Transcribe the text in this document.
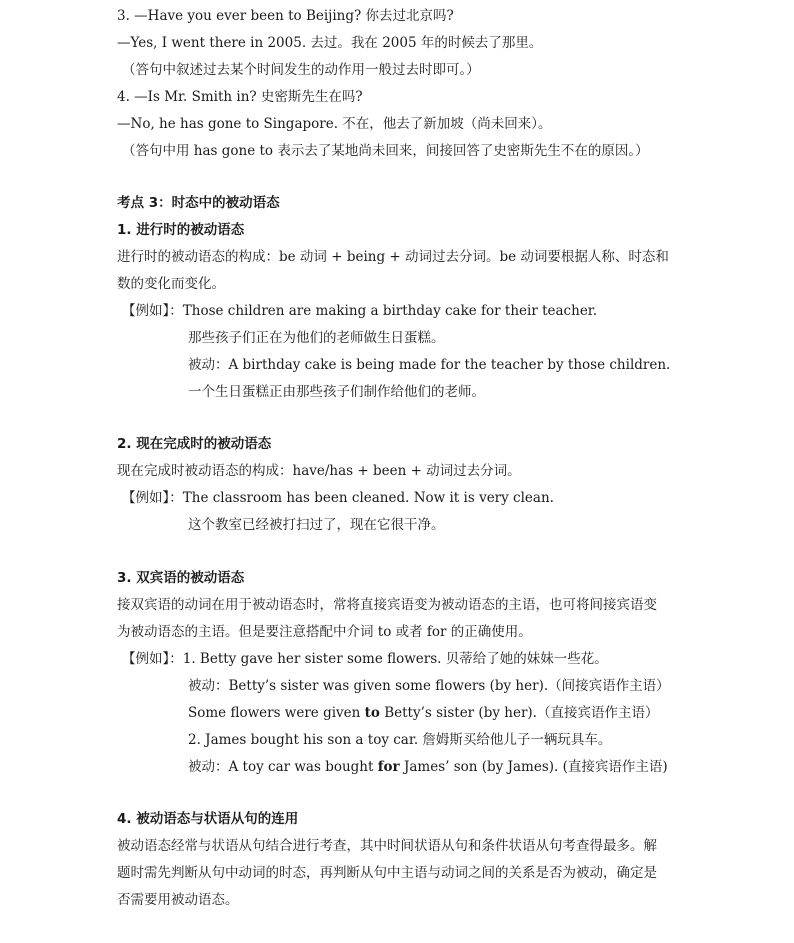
3. —Have you ever been to Beijing? 你去过北京吗?
—Yes, I went there in 2005. 去过。我在 2005 年的时候去了那里。
（答句中叙述过去某个时间发生的动作用一般过去时即可。）
4. —Is Mr. Smith in? 史密斯先生在吗?
—No, he has gone to Singapore. 不在，他去了新加坡（尚未回来）。
（答句中用 has gone to 表示去了某地尚未回来，间接回答了史密斯先生不在的原因。）
考点 3：时态中的被动语态
1. 进行时的被动语态
进行时的被动语态的构成：be 动词 + being + 动词过去分词。be 动词要根据人称、时态和
数的变化而变化。
【例如】：Those children are making a birthday cake for their teacher.
那些孩子们正在为他们的老师做生日蛋糕。
被动：A birthday cake is being made for the teacher by those children.
一个生日蛋糕正由那些孩子们制作给他们的老师。
2. 现在完成时的被动语态
现在完成时被动语态的构成：have/has + been + 动词过去分词。
【例如】：The classroom has been cleaned. Now it is very clean.
这个教室已经被打扫过了，现在它很干净。
3. 双宾语的被动语态
接双宾语的动词在用于被动语态时，常将直接宾语变为被动语态的主语，也可将间接宾语变
为被动语态的主语。但是要注意搭配中介词 to 或者 for 的正确使用。
【例如】：1. Betty gave her sister some flowers. 贝蒂给了她的妹妹一些花。
被动：Betty’s sister was given some flowers (by her).（间接宾语作主语）
Some flowers were given to Betty’s sister (by her).（直接宾语作主语）
2. James bought his son a toy car. 詹姆斯买给他儿子一辆玩具车。
被动：A toy car was bought for James’ son (by James). (直接宾语作主语)
4. 被动语态与状语从句的连用
被动语态经常与状语从句结合进行考查，其中时间状语从句和条件状语从句考查得最多。解
题时需先判断从句中动词的时态，再判断从句中主语与动词之间的关系是否为被动，确定是
否需要用被动语态。
